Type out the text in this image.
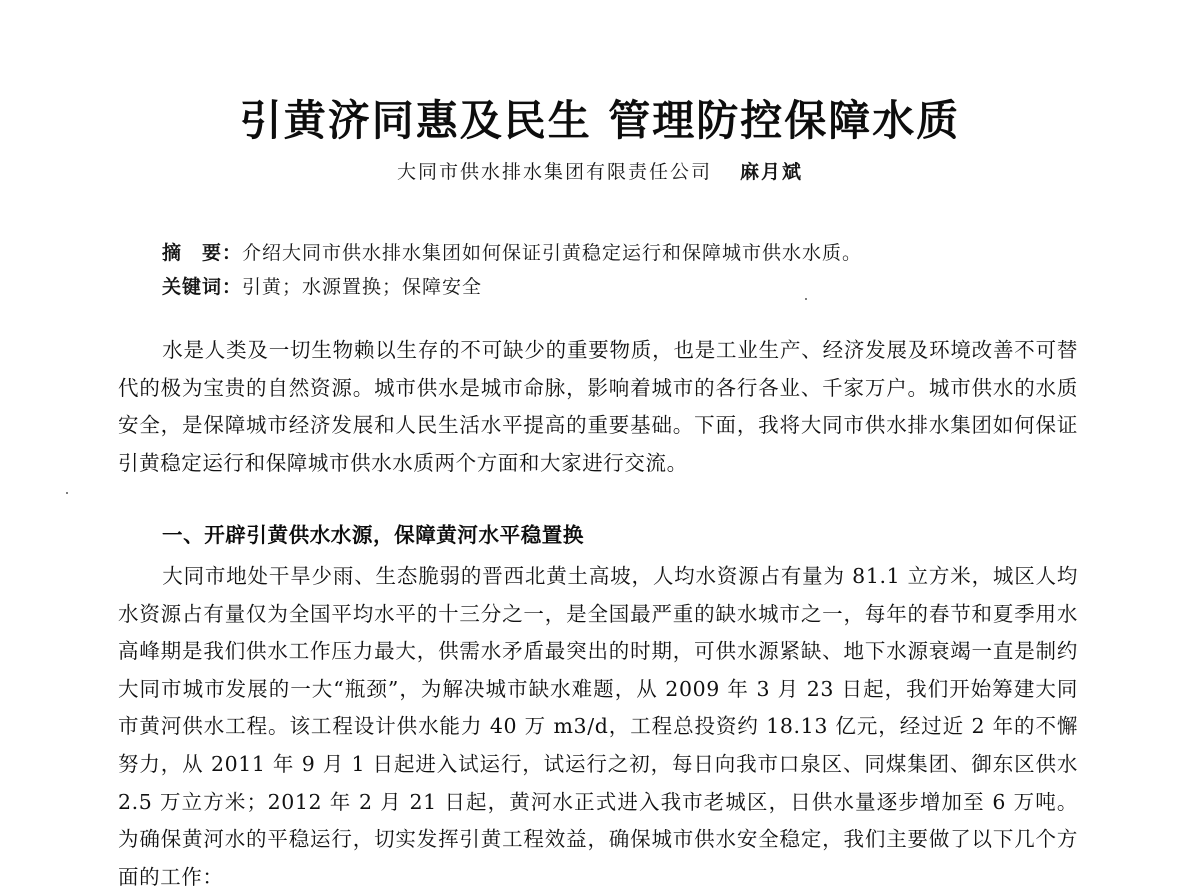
引黄济同惠及民生 管理防控保障水质
大同市供水排水集团有限责任公司 麻月斌
摘　要：介绍大同市供水排水集团如何保证引黄稳定运行和保障城市供水水质。
关键词：引黄；水源置换；保障安全
水是人类及一切生物赖以生存的不可缺少的重要物质，也是工业生产、经济发展及环境改善不可替代的极为宝贵的自然资源。城市供水是城市命脉，影响着城市的各行各业、千家万户。城市供水的水质安全，是保障城市经济发展和人民生活水平提高的重要基础。下面，我将大同市供水排水集团如何保证引黄稳定运行和保障城市供水水质两个方面和大家进行交流。
一、开辟引黄供水水源，保障黄河水平稳置换
大同市地处干旱少雨、生态脆弱的晋西北黄土高坡，人均水资源占有量为 81.1 立方米，城区人均水资源占有量仅为全国平均水平的十三分之一，是全国最严重的缺水城市之一，每年的春节和夏季用水高峰期是我们供水工作压力最大，供需水矛盾最突出的时期，可供水源紧缺、地下水源衰竭一直是制约大同市城市发展的一大“瓶颈”，为解决城市缺水难题，从 2009 年 3 月 23 日起，我们开始筹建大同市黄河供水工程。该工程设计供水能力 40 万 m3/d，工程总投资约 18.13 亿元，经过近 2 年的不懈努力，从 2011 年 9 月 1 日起进入试运行，试运行之初，每日向我市口泉区、同煤集团、御东区供水 2.5 万立方米；2012 年 2 月 21 日起，黄河水正式进入我市老城区，日供水量逐步增加至 6 万吨。为确保黄河水的平稳运行，切实发挥引黄工程效益，确保城市供水安全稳定，我们主要做了以下几个方面的工作：
